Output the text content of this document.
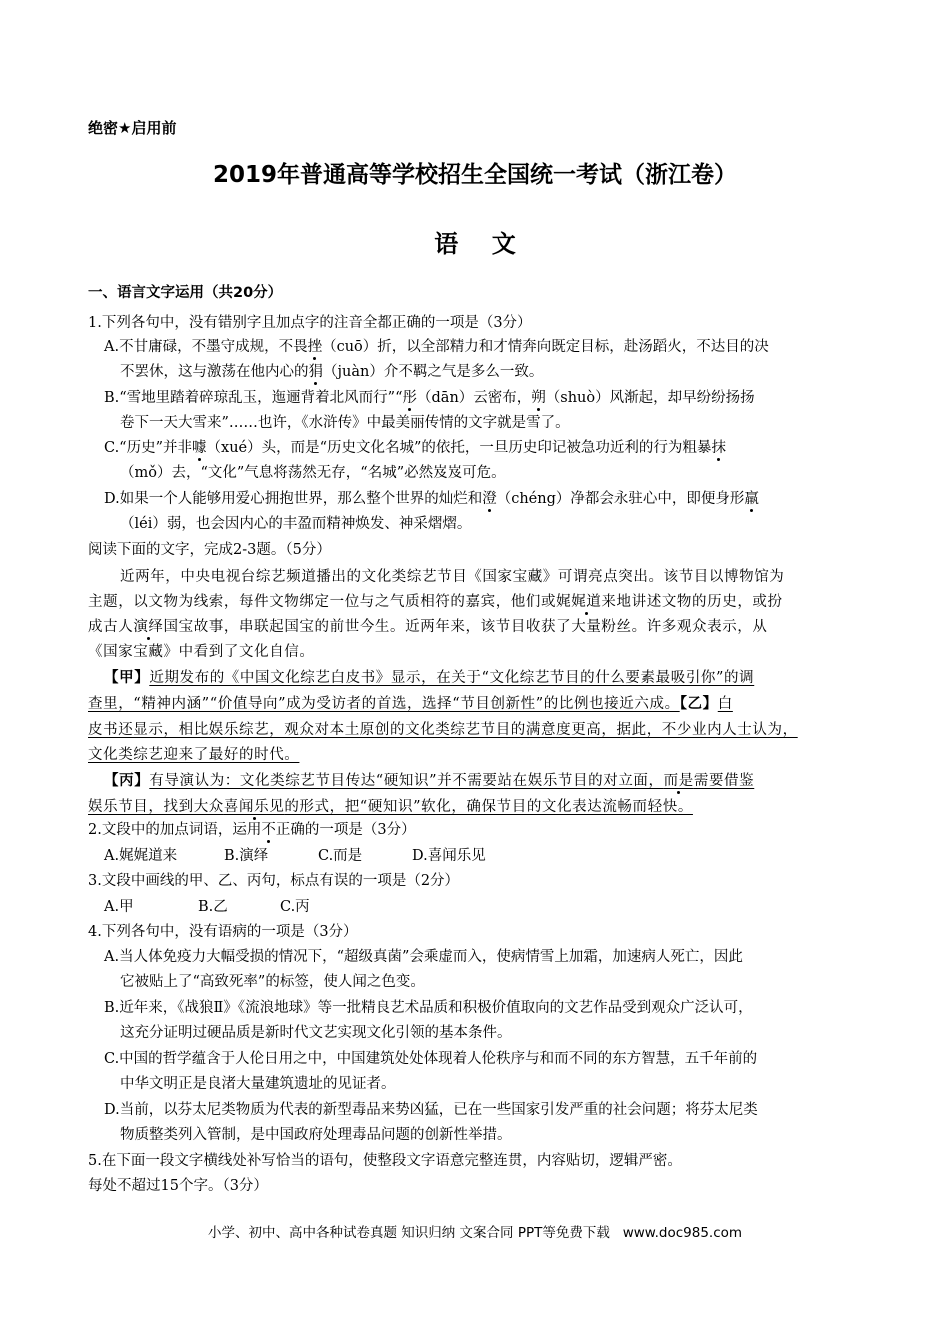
绝密★启用前
2019年普通高等学校招生全国统一考试（浙江卷）
语    文
一、语言文字运用（共20分）
1.下列各句中，没有错别字且加点字的注音全都正确的一项是（3分）
A.不甘庸碌，不墨守成规，不畏挫（cuō）折，以全部精力和才情奔向既定目标，赴汤蹈火，不达目的决
不罢休，这与激荡在他内心的狷（juàn）介不羁之气是多么一致。
B.“雪地里踏着碎琼乱玉，迤逦背着北风而行”“彤（dān）云密布，朔（shuò）风渐起，却早纷纷扬扬
卷下一天大雪来”……也许，《水浒传》中最美丽传情的文字就是雪了。
C.“历史”并非噱（xué）头，而是“历史文化名城”的依托，一旦历史印记被急功近利的行为粗暴抹
（mǒ）去，“文化”气息将荡然无存，“名城”必然岌岌可危。
D.如果一个人能够用爱心拥抱世界，那么整个世界的灿烂和澄（chéng）净都会永驻心中，即便身形羸
（léi）弱，也会因内心的丰盈而精神焕发、神采熠熠。
阅读下面的文字，完成2-3题。（5分）
近两年，中央电视台综艺频道播出的文化类综艺节目《国家宝藏》可谓亮点突出。该节目以博物馆为
主题，以文物为线索，每件文物绑定一位与之气质相符的嘉宾，他们或娓娓道来地讲述文物的历史，或扮
成古人演绎国宝故事，串联起国宝的前世今生。近两年来，该节目收获了大量粉丝。许多观众表示，从
《国家宝藏》中看到了文化自信。
【甲】近期发布的《中国文化综艺白皮书》显示，在关于“文化综艺节目的什么要素最吸引你”的调
查里，“精神内涵”“价值导向”成为受访者的首选，选择“节目创新性”的比例也接近六成。【乙】白
皮书还显示，相比娱乐综艺，观众对本土原创的文化类综艺节目的满意度更高，据此，不少业内人士认为，
文化类综艺迎来了最好的时代。
【丙】有导演认为：文化类综艺节目传达“硬知识”并不需要站在娱乐节目的对立面，而是需要借鉴
娱乐节目，找到大众喜闻乐见的形式，把“硬知识”软化，确保节目的文化表达流畅而轻快。
2.文段中的加点词语，运用不正确的一项是（3分）
A.娓娓道来	B.演绎	C.而是	D.喜闻乐见
3.文段中画线的甲、乙、丙句，标点有误的一项是（2分）
A.甲	B.乙	C.丙
4.下列各句中，没有语病的一项是（3分）
A.当人体免疫力大幅受损的情况下，“超级真菌”会乘虚而入，使病情雪上加霜，加速病人死亡，因此
它被贴上了“高致死率”的标签，使人闻之色变。
B.近年来，《战狼Ⅱ》《流浪地球》等一批精良艺术品质和积极价值取向的文艺作品受到观众广泛认可，
这充分证明过硬品质是新时代文艺实现文化引领的基本条件。
C.中国的哲学蕴含于人伦日用之中，中国建筑处处体现着人伦秩序与和而不同的东方智慧，五千年前的
中华文明正是良渚大量建筑遗址的见证者。
D.当前，以芬太尼类物质为代表的新型毒品来势凶猛，已在一些国家引发严重的社会问题；将芬太尼类
物质整类列入管制，是中国政府处理毒品问题的创新性举措。
5.在下面一段文字横线处补写恰当的语句，使整段文字语意完整连贯，内容贴切，逻辑严密。
每处不超过15个字。（3分）
小学、初中、高中各种试卷真题 知识归纳 文案合同 PPT等免费下载   www.doc985.com
